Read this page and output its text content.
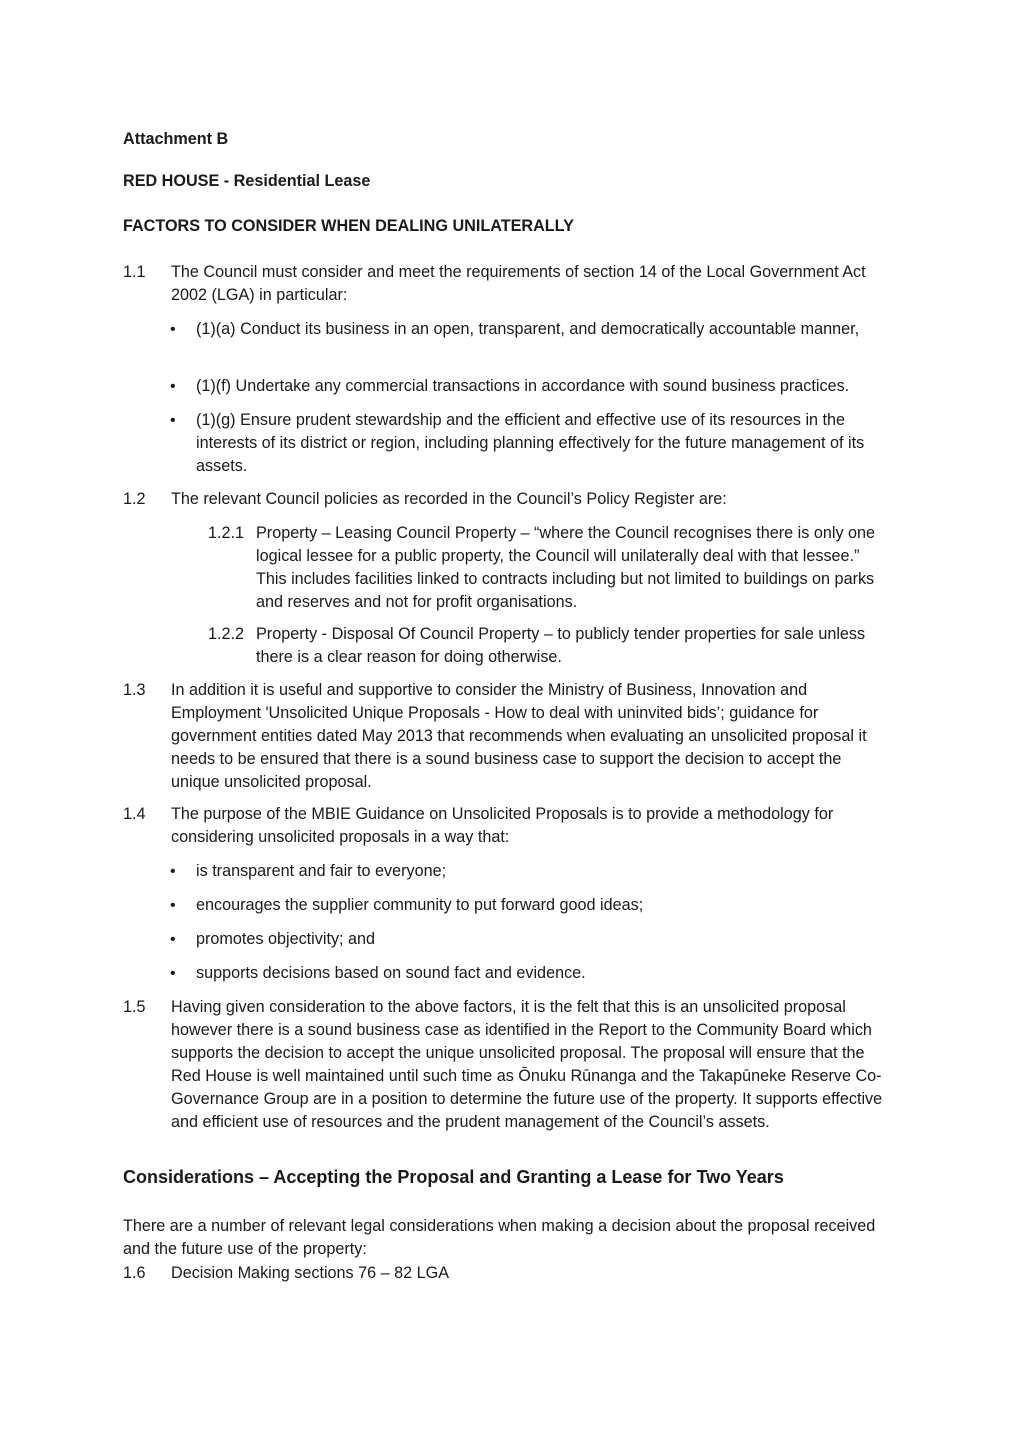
Attachment B
RED HOUSE - Residential Lease
FACTORS TO CONSIDER WHEN DEALING UNILATERALLY
1.1	The Council must consider and meet the requirements of section 14 of the Local Government Act 2002 (LGA) in particular:
• (1)(a) Conduct its business in an open, transparent, and democratically accountable manner,
• (1)(f) Undertake any commercial transactions in accordance with sound business practices.
• (1)(g) Ensure prudent stewardship and the efficient and effective use of its resources in the interests of its district or region, including planning effectively for the future management of its assets.
1.2	The relevant Council policies as recorded in the Council’s Policy Register are:
1.2.1 Property – Leasing Council Property – “where the Council recognises there is only one logical lessee for a public property, the Council will unilaterally deal with that lessee.” This includes facilities linked to contracts including but not limited to buildings on parks and reserves and not for profit organisations.
1.2.2 Property - Disposal Of Council Property – to publicly tender properties for sale unless there is a clear reason for doing otherwise.
1.3	In addition it is useful and supportive to consider the Ministry of Business, Innovation and Employment 'Unsolicited Unique Proposals - How to deal with uninvited bids’; guidance for government entities dated May 2013 that recommends when evaluating an unsolicited proposal it needs to be ensured that there is a sound business case to support the decision to accept the unique unsolicited proposal.
1.4	The purpose of the MBIE Guidance on Unsolicited Proposals is to provide a methodology for considering unsolicited proposals in a way that:
• is transparent and fair to everyone;
• encourages the supplier community to put forward good ideas;
• promotes objectivity; and
• supports decisions based on sound fact and evidence.
1.5	Having given consideration to the above factors, it is the felt that this is an unsolicited proposal however there is a sound business case as identified in the Report to the Community Board which supports the decision to accept the unique unsolicited proposal. The proposal will ensure that the Red House is well maintained until such time as Ōnuku Rūnanga and the Takapūneke Reserve Co-Governance Group are in a position to determine the future use of the property. It supports effective and efficient use of resources and the prudent management of the Council’s assets.
Considerations – Accepting the Proposal and Granting a Lease for Two Years
There are a number of relevant legal considerations when making a decision about the proposal received and the future use of the property:
1.6	Decision Making sections 76 – 82 LGA
